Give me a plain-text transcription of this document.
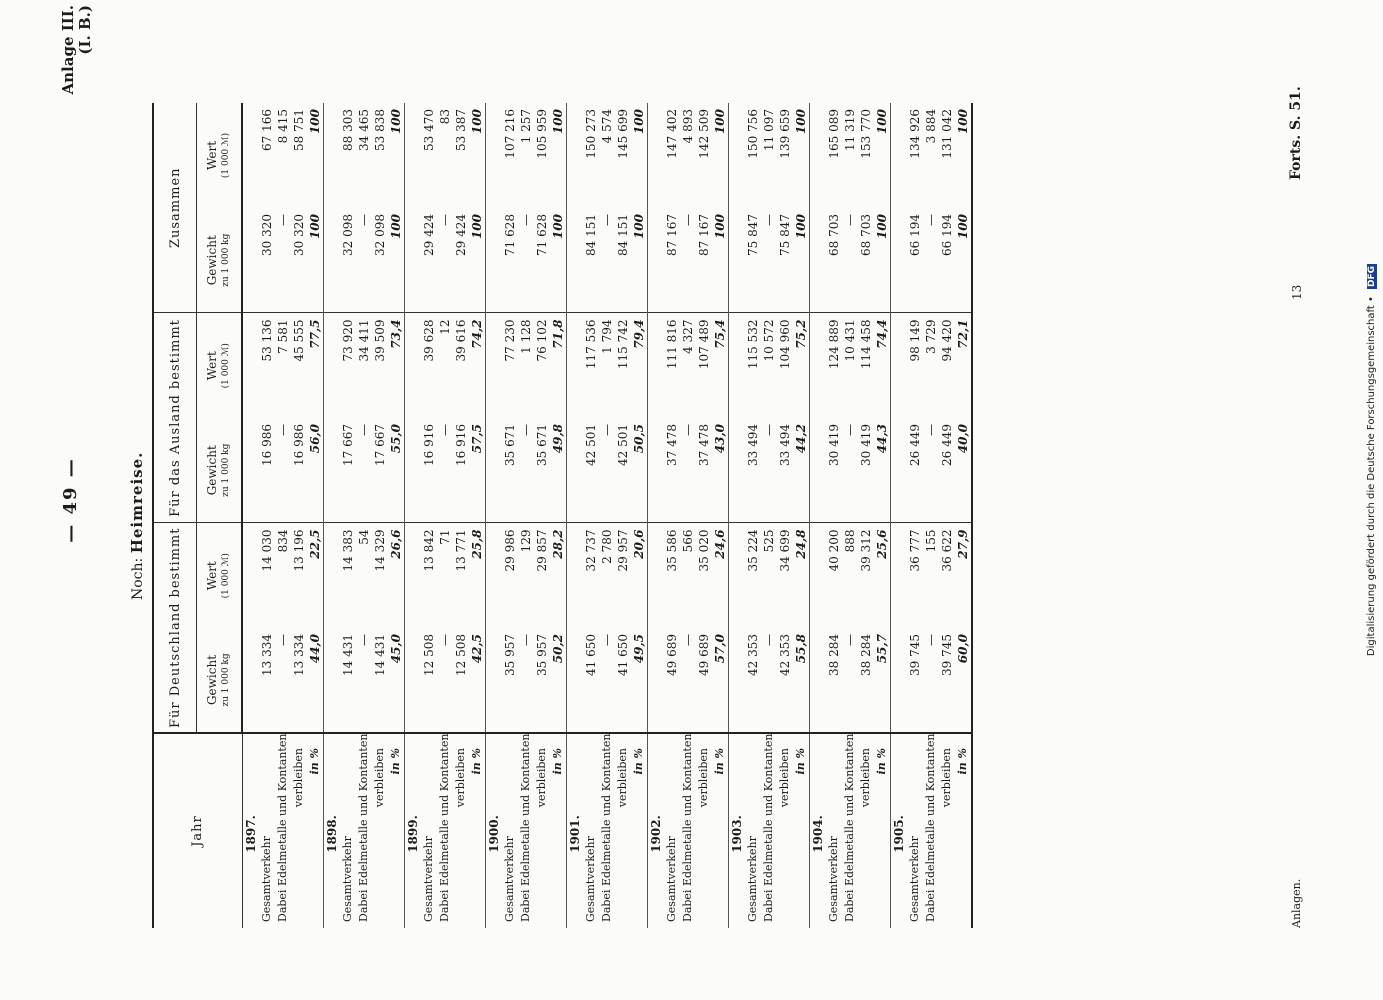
— 49 —
Anlage III. (I. B.)
Noch: Heimreise.
Jahr	Für Deutschland bestimmt		Für das Ausland bestimmt		Zusammen	
	Gewicht zu 1 000 kg	Wert (1 000 ℳ)	Gewicht zu 1 000 kg	Wert (1 000 ℳ)	Gewicht zu 1 000 kg	Wert (1 000 ℳ)

1897.						
Gesamtverkehr	13 334	14 030	16 986	53 136	30 320	67 166
Dabei Edelmetalle und Kontanten	—	834	—	7 581	—	8 415
verbleiben	13 334	13 196	16 986	45 555	30 320	58 751
in %	44,0	22,5	56,0	77,5	100	100
1898.						
Gesamtverkehr	14 431	14 383	17 667	73 920	32 098	88 303
Dabei Edelmetalle und Kontanten	—	54	—	34 411	—	34 465
verbleiben	14 431	14 329	17 667	39 509	32 098	53 838
in %	45,0	26,6	55,0	73,4	100	100
1899.						
Gesamtverkehr	12 508	13 842	16 916	39 628	29 424	53 470
Dabei Edelmetalle und Kontanten	—	71	—	12	—	83
verbleiben	12 508	13 771	16 916	39 616	29 424	53 387
in %	42,5	25,8	57,5	74,2	100	100
1900.						
Gesamtverkehr	35 957	29 986	35 671	77 230	71 628	107 216
Dabei Edelmetalle und Kontanten	—	129	—	1 128	—	1 257
verbleiben	35 957	29 857	35 671	76 102	71 628	105 959
in %	50,2	28,2	49,8	71,8	100	100
1901.						
Gesamtverkehr	41 650	32 737	42 501	117 536	84 151	150 273
Dabei Edelmetalle und Kontanten	—	2 780	—	1 794	—	4 574
verbleiben	41 650	29 957	42 501	115 742	84 151	145 699
in %	49,5	20,6	50,5	79,4	100	100
1902.						
Gesamtverkehr	49 689	35 586	37 478	111 816	87 167	147 402
Dabei Edelmetalle und Kontanten	—	566	—	4 327	—	4 893
verbleiben	49 689	35 020	37 478	107 489	87 167	142 509
in %	57,0	24,6	43,0	75,4	100	100
1903.						
Gesamtverkehr	42 353	35 224	33 494	115 532	75 847	150 756
Dabei Edelmetalle und Kontanten	—	525	—	10 572	—	11 097
verbleiben	42 353	34 699	33 494	104 960	75 847	139 659
in %	55,8	24,8	44,2	75,2	100	100
1904.						
Gesamtverkehr	38 284	40 200	30 419	124 889	68 703	165 089
Dabei Edelmetalle und Kontanten	—	888	—	10 431	—	11 319
verbleiben	38 284	39 312	30 419	114 458	68 703	153 770
in %	55,7	25,6	44,3	74,4	100	100
1905.						
Gesamtverkehr	39 745	36 777	26 449	98 149	66 194	134 926
Dabei Edelmetalle und Kontanten	—	155	—	3 729	—	3 884
verbleiben	39 745	36 622	26 449	94 420	66 194	131 042
in %	60,0	27,9	40,0	72,1	100	100
Anlagen.
13
Forts. S. 51.
Digitalisierung gefördert durch die Deutsche Forschungsgemeinschaft • DFG
